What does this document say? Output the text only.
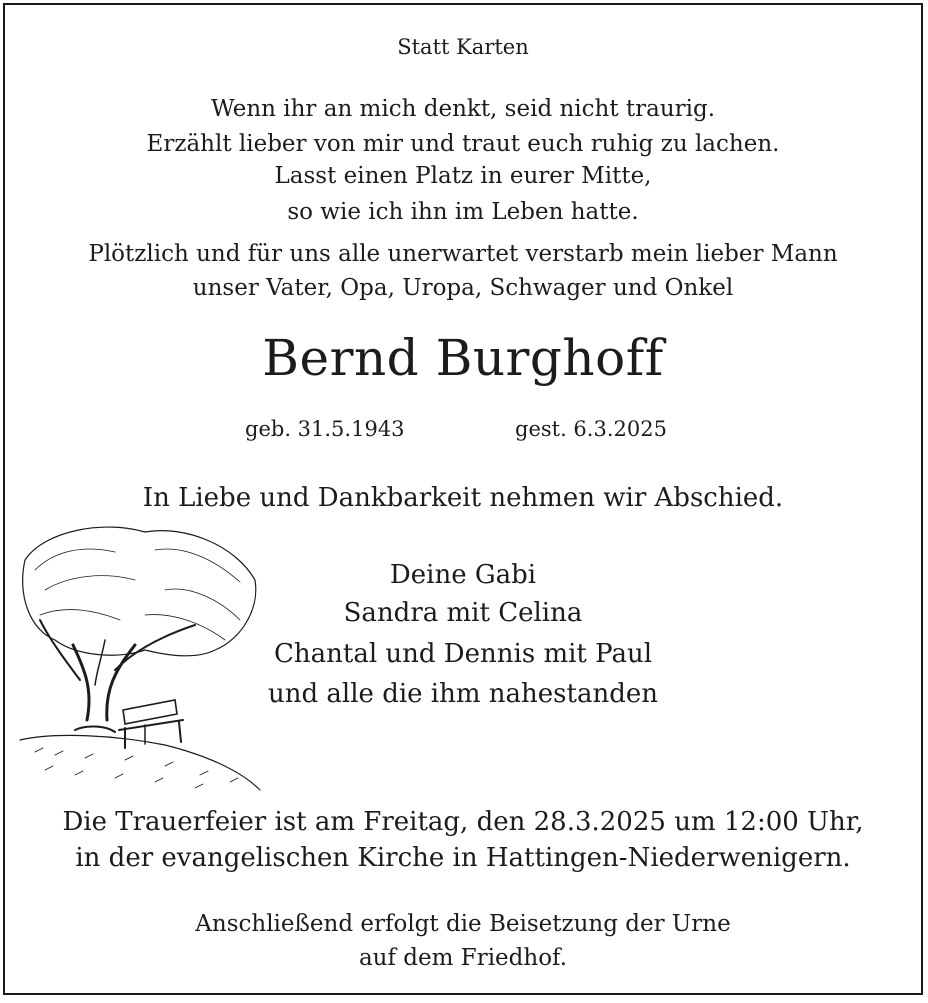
Statt Karten
Wenn ihr an mich denkt, seid nicht traurig.
Erzählt lieber von mir und traut euch ruhig zu lachen.
Lasst einen Platz in eurer Mitte,
so wie ich ihn im Leben hatte.
Plötzlich und für uns alle unerwartet verstarb mein lieber Mann
unser Vater, Opa, Uropa, Schwager und Onkel
Bernd Burghoff
geb. 31.5.1943	gest. 6.3.2025
In Liebe und Dankbarkeit nehmen wir Abschied.
Deine Gabi
Sandra mit Celina
Chantal und Dennis mit Paul
und alle die ihm nahestanden
Die Trauerfeier ist am Freitag, den 28.3.2025 um 12:00 Uhr,
in der evangelischen Kirche in Hattingen-Niederwenigern.
Anschließend erfolgt die Beisetzung der Urne
auf dem Friedhof.
